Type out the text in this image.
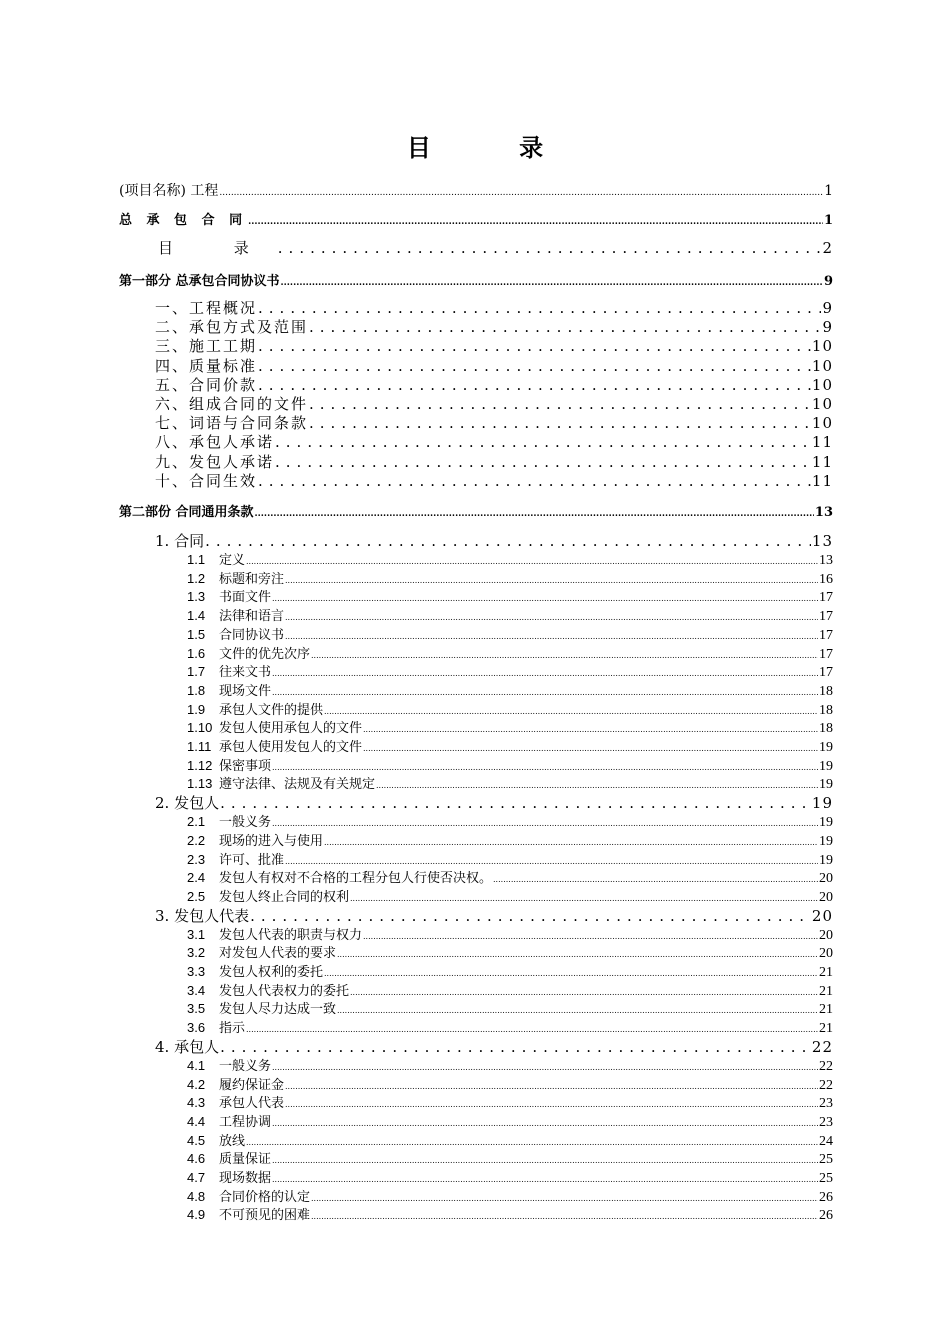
目 录
(项目名称) 工程 .....	1
总 承 包 合 同 .....	1
目 录 .....	2
第一部分 总承包合同协议书 .....	9
一、工程概况 .....	9
二、承包方式及范围 .....	9
三、施工工期 .....	10
四、质量标准 .....	10
五、合同价款 .....	10
六、组成合同的文件 .....	10
七、词语与合同条款 .....	10
八、承包人承诺 .....	11
九、发包人承诺 .....	11
十、合同生效 .....	11
第二部份 合同通用条款 .....	13
1. 合同 .....	13
1.1	定义 .....	13
1.2	标题和旁注 .....	16
1.3	书面文件 .....	17
1.4	法律和语言 .....	17
1.5	合同协议书 .....	17
1.6	文件的优先次序 .....	17
1.7	往来文书 .....	17
1.8	现场文件 .....	18
1.9	承包人文件的提供 .....	18
1.10 发包人使用承包人的文件 .....	18
1.11 承包人使用发包人的文件 .....	19
1.12 保密事项 .....	19
1.13 遵守法律、法规及有关规定 .....	19
2. 发包人 .....	19
2.1	一般义务 .....	19
2.2	现场的进入与使用 .....	19
2.3	许可、批准 .....	19
2.4	发包人有权对不合格的工程分包人行使否决权。 .....	20
2.5	发包人终止合同的权利 .....	20
3. 发包人代表 .....	20
3.1	发包人代表的职责与权力 .....	20
3.2	对发包人代表的要求 .....	20
3.3	发包人权利的委托 .....	21
3.4	发包人代表权力的委托 .....	21
3.5	发包人尽力达成一致 .....	21
3.6	指示 .....	21
4. 承包人 .....	22
4.1	一般义务 .....	22
4.2	履约保证金 .....	22
4.3	承包人代表 .....	23
4.4	工程协调 .....	23
4.5	放线 .....	24
4.6	质量保证 .....	25
4.7	现场数据 .....	25
4.8	合同价格的认定 .....	26
4.9	不可预见的困难 .....	26
